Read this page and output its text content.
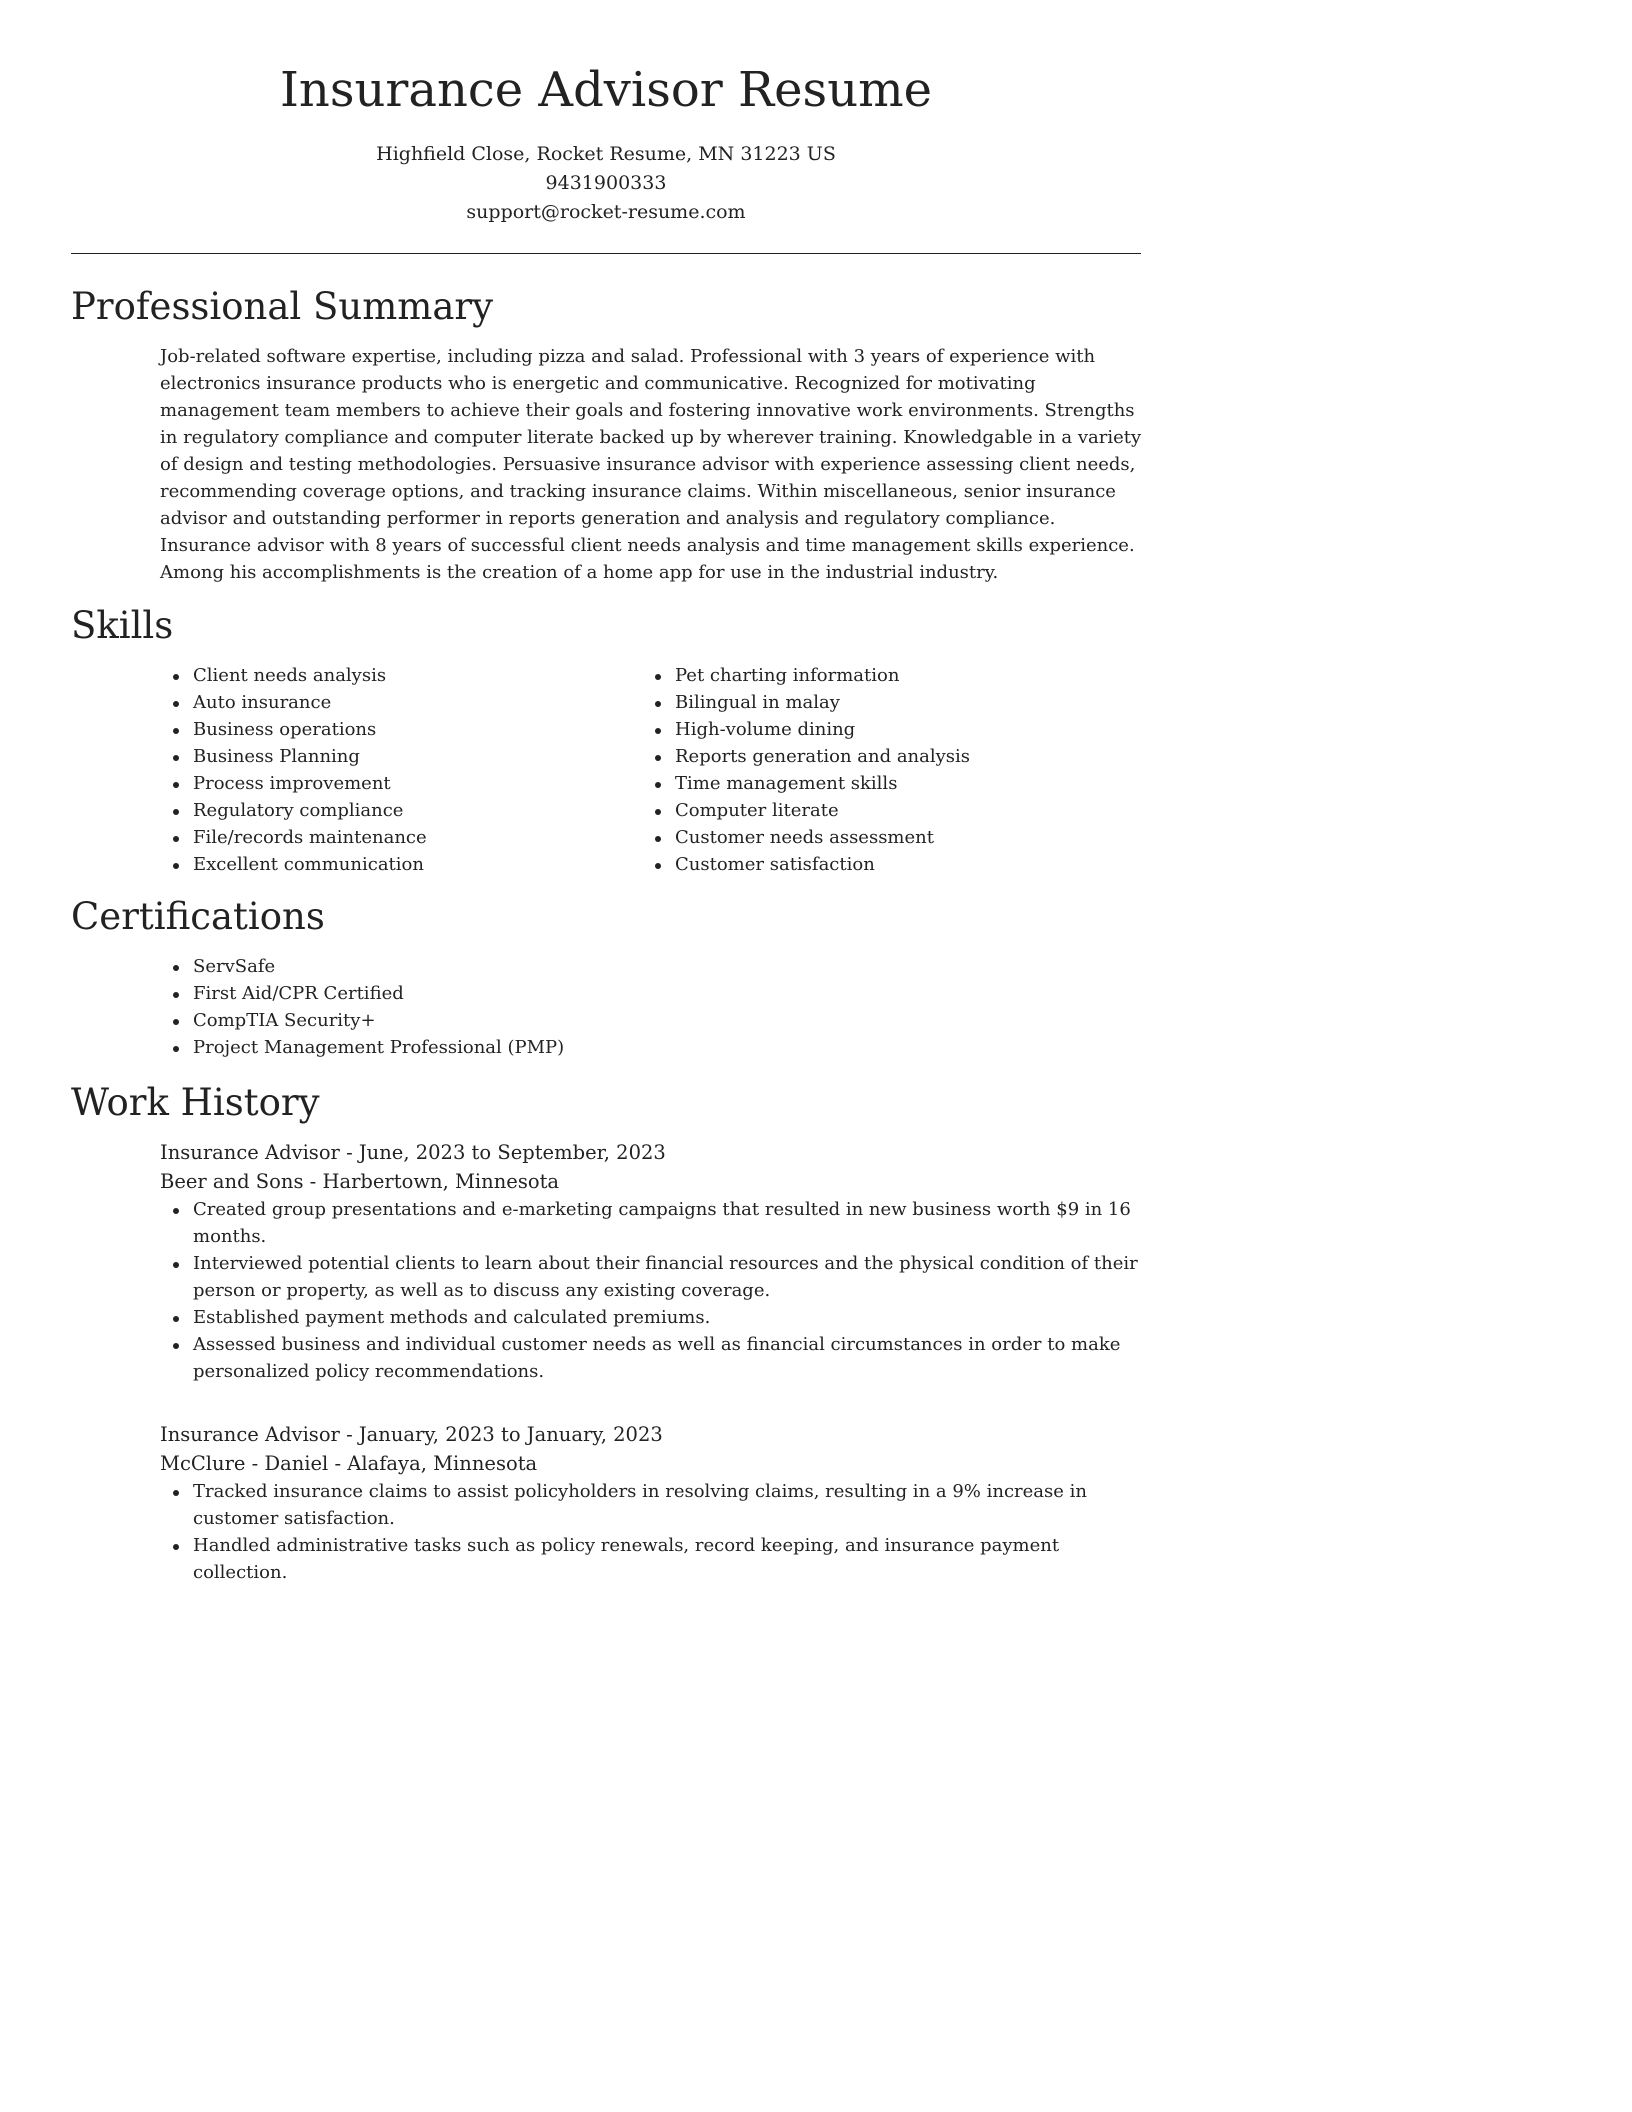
Insurance Advisor Resume

Highfield Close, Rocket Resume, MN 31223 US

9431900333

support@rocket-resume.com

Professional Summary

Job-related software expertise, including pizza and salad. Professional with 3 years of experience with electronics insurance products who is energetic and communicative. Recognized for motivating management team members to achieve their goals and fostering innovative work environments. Strengths in regulatory compliance and computer literate backed up by wherever training. Knowledgable in a variety of design and testing methodologies. Persuasive insurance advisor with experience assessing client needs, recommending coverage options, and tracking insurance claims. Within miscellaneous, senior insurance advisor and outstanding performer in reports generation and analysis and regulatory compliance. Insurance advisor with 8 years of successful client needs analysis and time management skills experience. Among his accomplishments is the creation of a home app for use in the industrial industry.

Skills
Client needs analysis
Auto insurance
Business operations
Business Planning
Process improvement
Regulatory compliance
File/records maintenance
Excellent communication
Pet charting information
Bilingual in malay
High-volume dining
Reports generation and analysis
Time management skills
Computer literate
Customer needs assessment
Customer satisfaction
Certifications
ServSafe
First Aid/CPR Certified
CompTIA Security+
Project Management Professional (PMP)
Work History

Insurance Advisor - June, 2023 to September, 2023

Beer and Sons - Harbertown, Minnesota

Created group presentations and e-marketing campaigns that resulted in new business worth $9 in 16 months.
Interviewed potential clients to learn about their financial resources and the physical condition of their person or property, as well as to discuss any existing coverage.
Established payment methods and calculated premiums.
Assessed business and individual customer needs as well as financial circumstances in order to make personalized policy recommendations.

Insurance Advisor - January, 2023 to January, 2023

McClure - Daniel - Alafaya, Minnesota

Tracked insurance claims to assist policyholders in resolving claims, resulting in a 9% increase in customer satisfaction.
Handled administrative tasks such as policy renewals, record keeping, and insurance payment collection.
